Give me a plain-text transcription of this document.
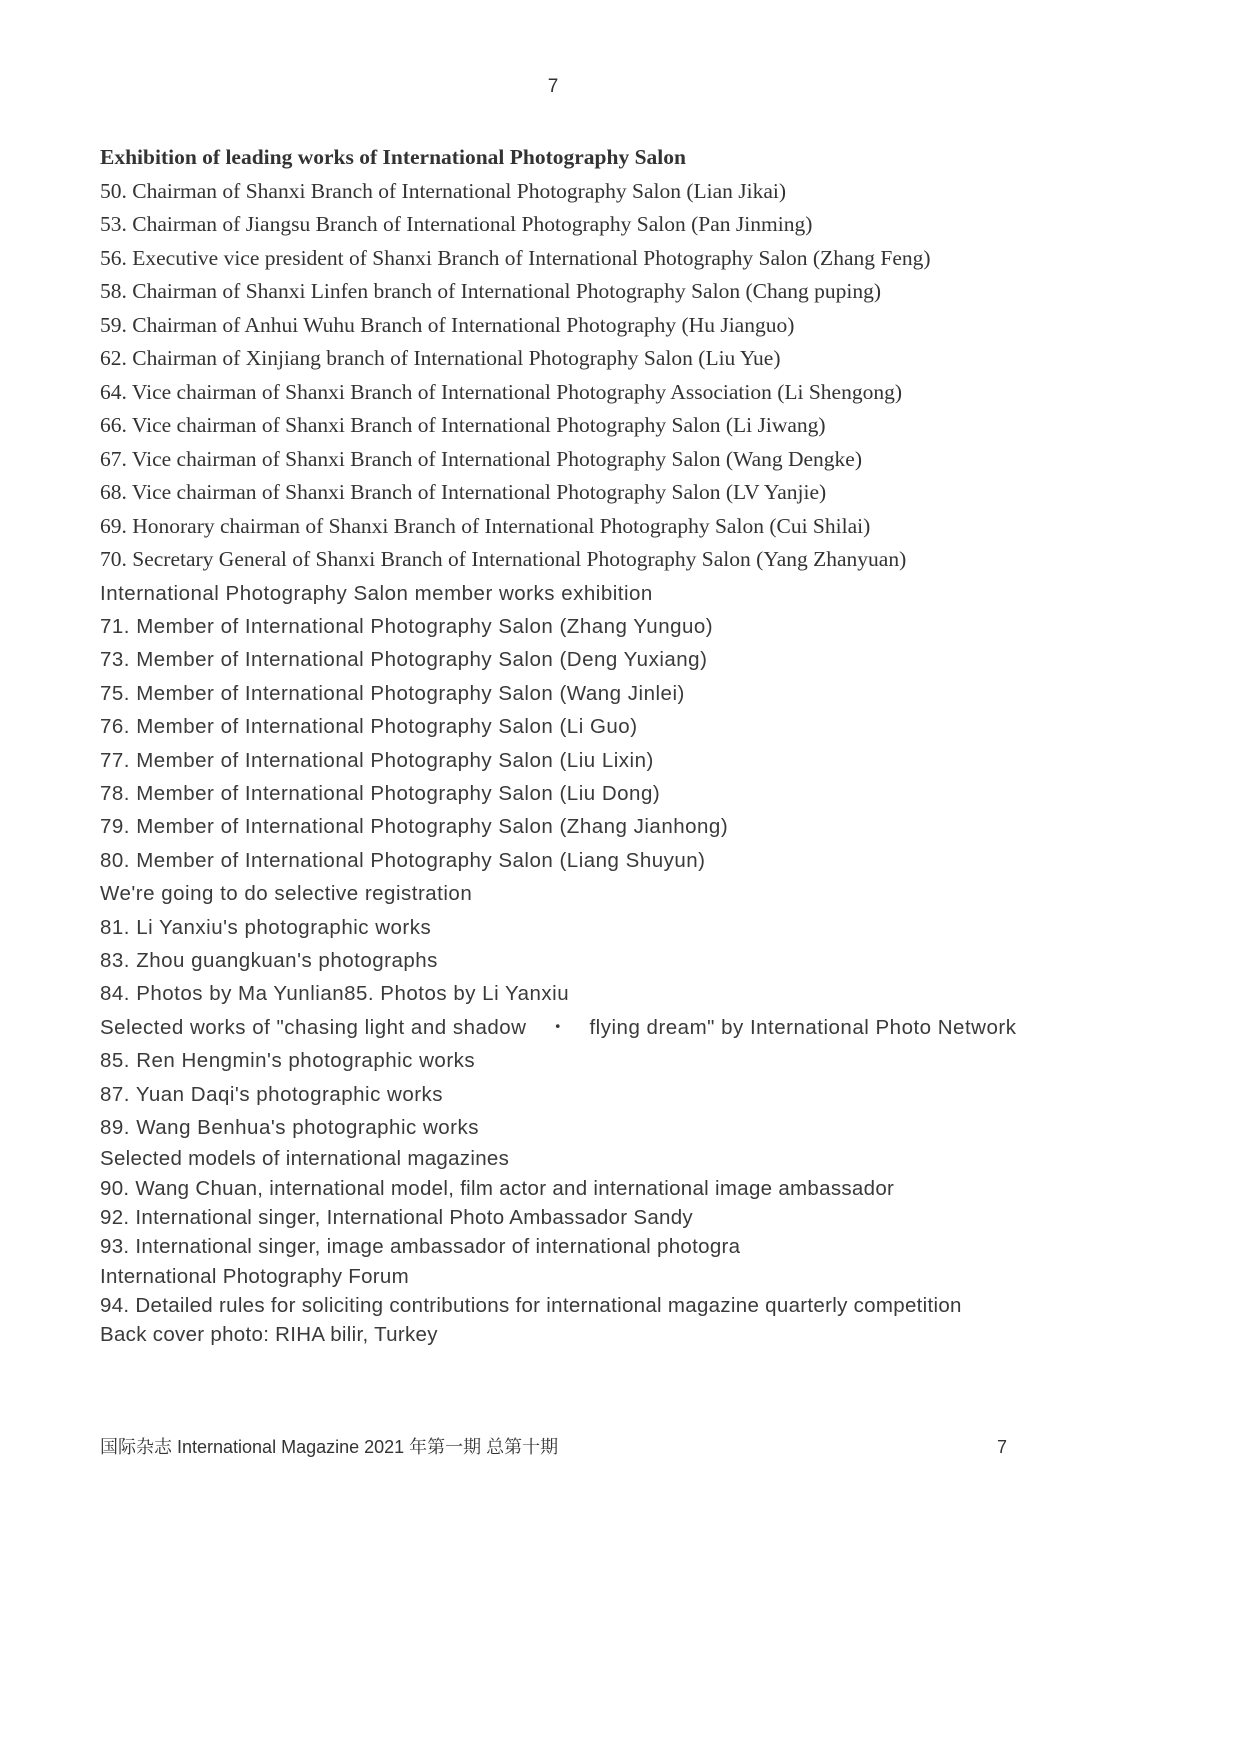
7

Exhibition of leading works of International Photography Salon

50. Chairman of Shanxi Branch of International Photography Salon (Lian Jikai)

53. Chairman of Jiangsu Branch of International Photography Salon (Pan Jinming)

56. Executive vice president of Shanxi Branch of International Photography Salon (Zhang Feng)

58. Chairman of Shanxi Linfen branch of International Photography Salon (Chang puping)

59. Chairman of Anhui Wuhu Branch of International Photography (Hu Jianguo)

62. Chairman of Xinjiang branch of International Photography Salon (Liu Yue)

64. Vice chairman of Shanxi Branch of International Photography Association (Li Shengong)

66. Vice chairman of Shanxi Branch of International Photography Salon (Li Jiwang)

67. Vice chairman of Shanxi Branch of International Photography Salon (Wang Dengke)

68. Vice chairman of Shanxi Branch of International Photography Salon (LV Yanjie)

69. Honorary chairman of Shanxi Branch of International Photography Salon (Cui Shilai)

70. Secretary General of Shanxi Branch of International Photography Salon (Yang Zhanyuan)

International Photography Salon member works exhibition

71. Member of International Photography Salon (Zhang Yunguo)

73. Member of International Photography Salon (Deng Yuxiang)

75. Member of International Photography Salon (Wang Jinlei)

76. Member of International Photography Salon (Li Guo)

77. Member of International Photography Salon (Liu Lixin)

78. Member of International Photography Salon (Liu Dong)

79. Member of International Photography Salon (Zhang Jianhong)

80. Member of International Photography Salon (Liang Shuyun)

We're going to do selective registration

81. Li Yanxiu's photographic works

83. Zhou guangkuan's photographs

84. Photos by Ma Yunlian85. Photos by Li Yanxiu

Selected works of "chasing light and shadow　・　flying dream" by International Photo Network

85. Ren Hengmin's photographic works

87. Yuan Daqi's photographic works

89. Wang Benhua's photographic works

Selected models of international magazines

90. Wang Chuan, international model, film actor and international image ambassador

92. International singer, International Photo Ambassador Sandy

93. International singer, image ambassador of international photogra

International Photography Forum

94. Detailed rules for soliciting contributions for international magazine quarterly competition

Back cover photo: RIHA bilir, Turkey

国际杂志 International Magazine 2021 年第一期 总第十期	7
